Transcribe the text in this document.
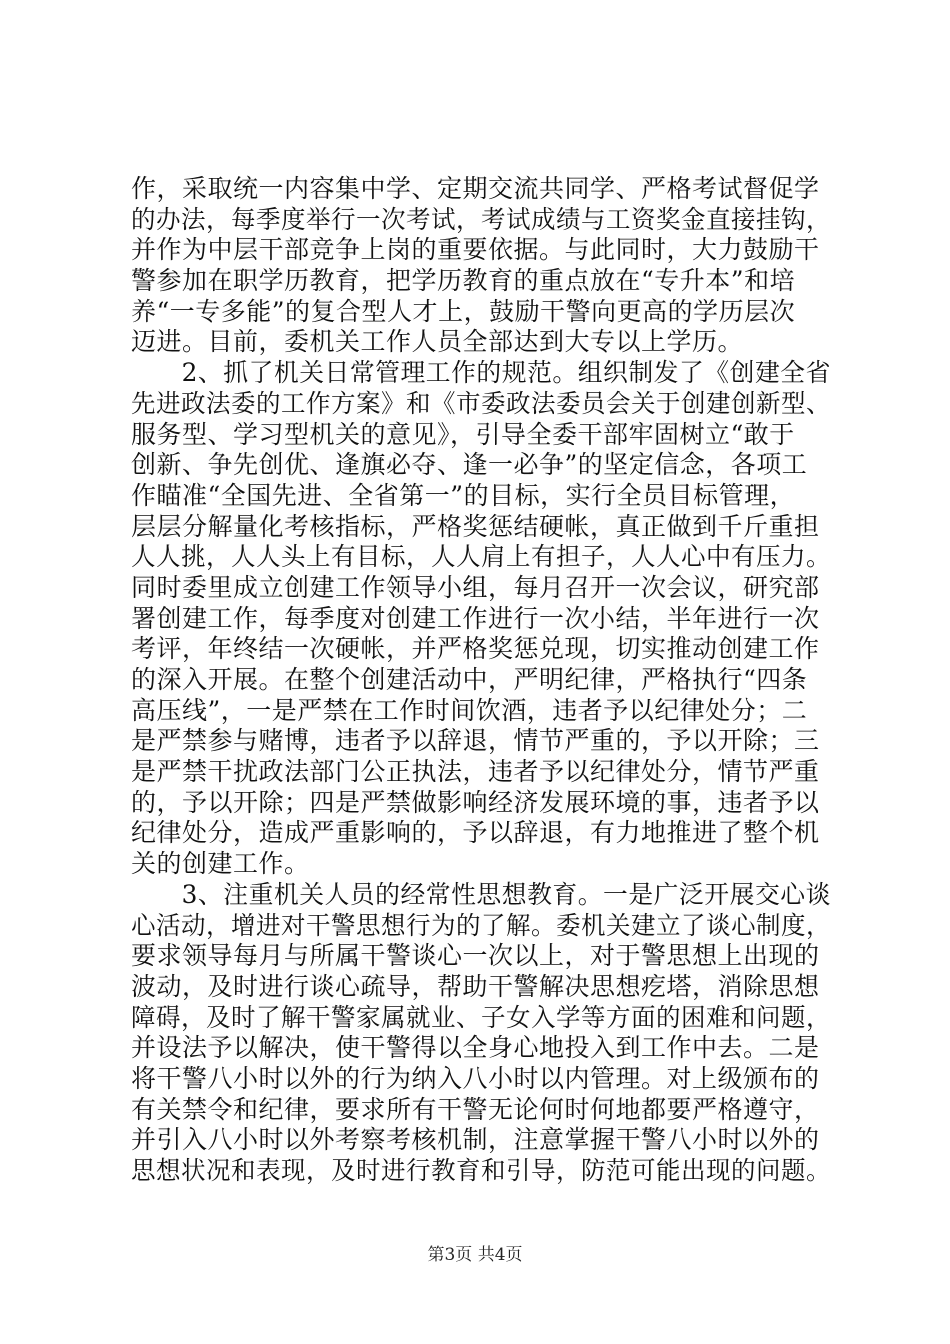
作，采取统一内容集中学、定期交流共同学、严格考试督促学
的办法，每季度举行一次考试，考试成绩与工资奖金直接挂钩，
并作为中层干部竞争上岗的重要依据。与此同时，大力鼓励干
警参加在职学历教育，把学历教育的重点放在“专升本”和培
养“一专多能”的复合型人才上，鼓励干警向更高的学历层次
迈进。目前，委机关工作人员全部达到大专以上学历。
　　2、抓了机关日常管理工作的规范。组织制发了《创建全省
先进政法委的工作方案》和《市委政法委员会关于创建创新型、
服务型、学习型机关的意见》，引导全委干部牢固树立“敢于
创新、争先创优、逢旗必夺、逢一必争”的坚定信念，各项工
作瞄准“全国先进、全省第一”的目标，实行全员目标管理，
层层分解量化考核指标，严格奖惩结硬帐，真正做到千斤重担
人人挑，人人头上有目标，人人肩上有担子，人人心中有压力。
同时委里成立创建工作领导小组，每月召开一次会议，研究部
署创建工作，每季度对创建工作进行一次小结，半年进行一次
考评，年终结一次硬帐，并严格奖惩兑现，切实推动创建工作
的深入开展。在整个创建活动中，严明纪律，严格执行“四条
高压线”，一是严禁在工作时间饮酒，违者予以纪律处分；二
是严禁参与赌博，违者予以辞退，情节严重的，予以开除；三
是严禁干扰政法部门公正执法，违者予以纪律处分，情节严重
的，予以开除；四是严禁做影响经济发展环境的事，违者予以
纪律处分，造成严重影响的，予以辞退，有力地推进了整个机
关的创建工作。
　　3、注重机关人员的经常性思想教育。一是广泛开展交心谈
心活动，增进对干警思想行为的了解。委机关建立了谈心制度，
要求领导每月与所属干警谈心一次以上，对于警思想上出现的
波动，及时进行谈心疏导，帮助干警解决思想疙塔，消除思想
障碍，及时了解干警家属就业、子女入学等方面的困难和问题，
并设法予以解决，使干警得以全身心地投入到工作中去。二是
将干警八小时以外的行为纳入八小时以内管理。对上级颁布的
有关禁令和纪律，要求所有干警无论何时何地都要严格遵守，
并引入八小时以外考察考核机制，注意掌握干警八小时以外的
思想状况和表现，及时进行教育和引导，防范可能出现的问题。
第3页 共4页
